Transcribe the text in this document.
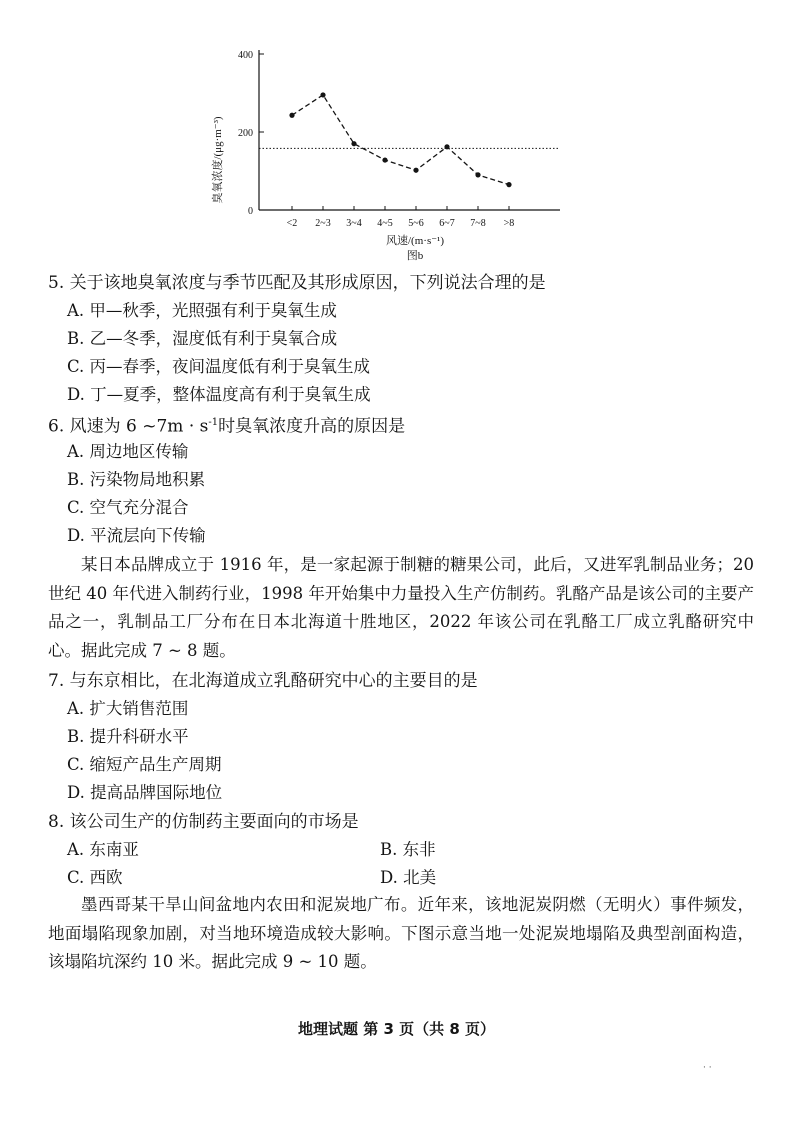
0
200
400
<2 2~3 3~4 4~5 5~6 6~7 7~8 >8
臭氧浓度/(μg·m⁻³)
风速/(m·s⁻¹)
图b
5. 关于该地臭氧浓度与季节匹配及其形成原因，下列说法合理的是
A. 甲—秋季，光照强有利于臭氧生成
B. 乙—冬季，湿度低有利于臭氧合成
C. 丙—春季，夜间温度低有利于臭氧生成
D. 丁—夏季，整体温度高有利于臭氧生成
6. 风速为 6 ~7m · $s^{-1}$时臭氧浓度升高的原因是
A. 周边地区传输
B. 污染物局地积累
C. 空气充分混合
D. 平流层向下传输
某日本品牌成立于 1916 年，是一家起源于制糖的糖果公司，此后，又进军乳制品业务；20 世纪 40 年代进入制药行业，1998 年开始集中力量投入生产仿制药。乳酪产品是该公司的主要产品之一，乳制品工厂分布在日本北海道十胜地区，2022 年该公司在乳酪工厂成立乳酪研究中心。据此完成 7 ~ 8 题。
7. 与东京相比，在北海道成立乳酪研究中心的主要目的是
A. 扩大销售范围
B. 提升科研水平
C. 缩短产品生产周期
D. 提高品牌国际地位
8. 该公司生产的仿制药主要面向的市场是
A. 东南亚	B. 东非
C. 西欧	D. 北美
墨西哥某干旱山间盆地内农田和泥炭地广布。近年来，该地泥炭阴燃（无明火）事件频发，地面塌陷现象加剧，对当地环境造成较大影响。下图示意当地一处泥炭地塌陷及典型剖面构造，该塌陷坑深约 10 米。据此完成 9 ~ 10 题。
地理试题 第 3 页（共 8 页）
· ·
